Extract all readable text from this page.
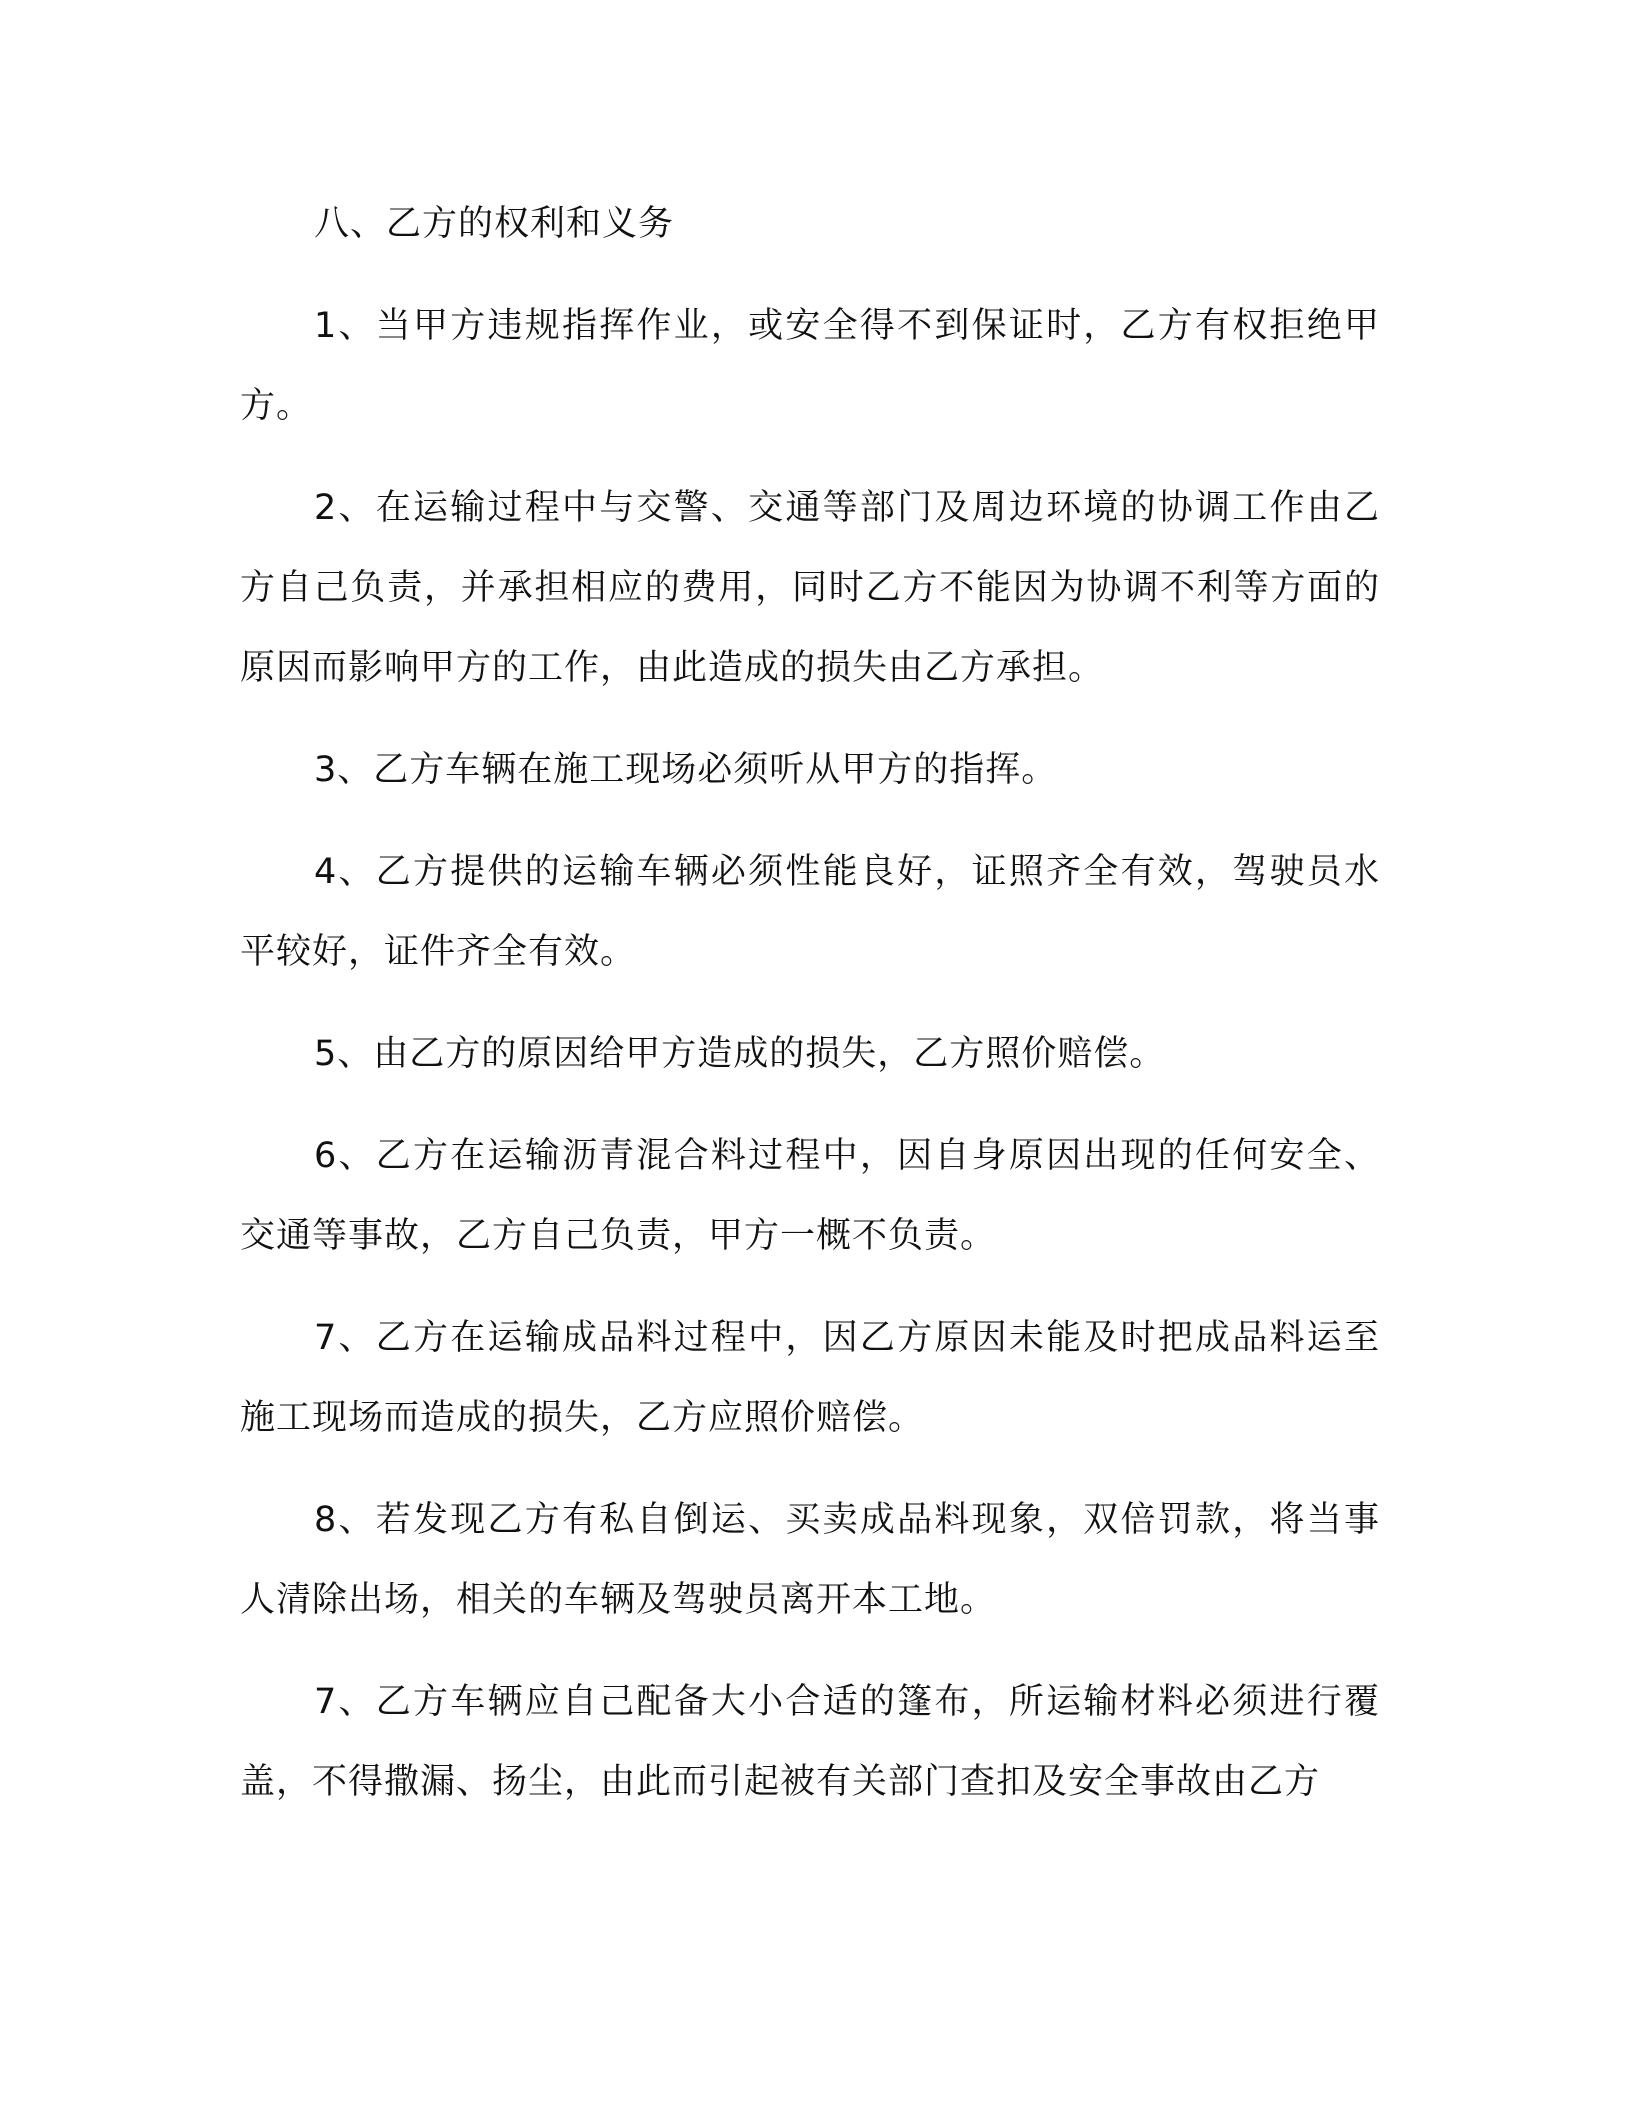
八、乙方的权利和义务

1、当甲方违规指挥作业，或安全得不到保证时，乙方有权拒绝甲方。

2、在运输过程中与交警、交通等部门及周边环境的协调工作由乙方自己负责，并承担相应的费用，同时乙方不能因为协调不利等方面的原因而影响甲方的工作，由此造成的损失由乙方承担。

3、乙方车辆在施工现场必须听从甲方的指挥。

4、乙方提供的运输车辆必须性能良好，证照齐全有效，驾驶员水平较好，证件齐全有效。

5、由乙方的原因给甲方造成的损失，乙方照价赔偿。

6、乙方在运输沥青混合料过程中，因自身原因出现的任何安全、交通等事故，乙方自己负责，甲方一概不负责。

7、乙方在运输成品料过程中，因乙方原因未能及时把成品料运至施工现场而造成的损失，乙方应照价赔偿。

8、若发现乙方有私自倒运、买卖成品料现象，双倍罚款，将当事人清除出场，相关的车辆及驾驶员离开本工地。

7、乙方车辆应自己配备大小合适的篷布，所运输材料必须进行覆盖，不得撒漏、扬尘，由此而引起被有关部门查扣及安全事故由乙方
